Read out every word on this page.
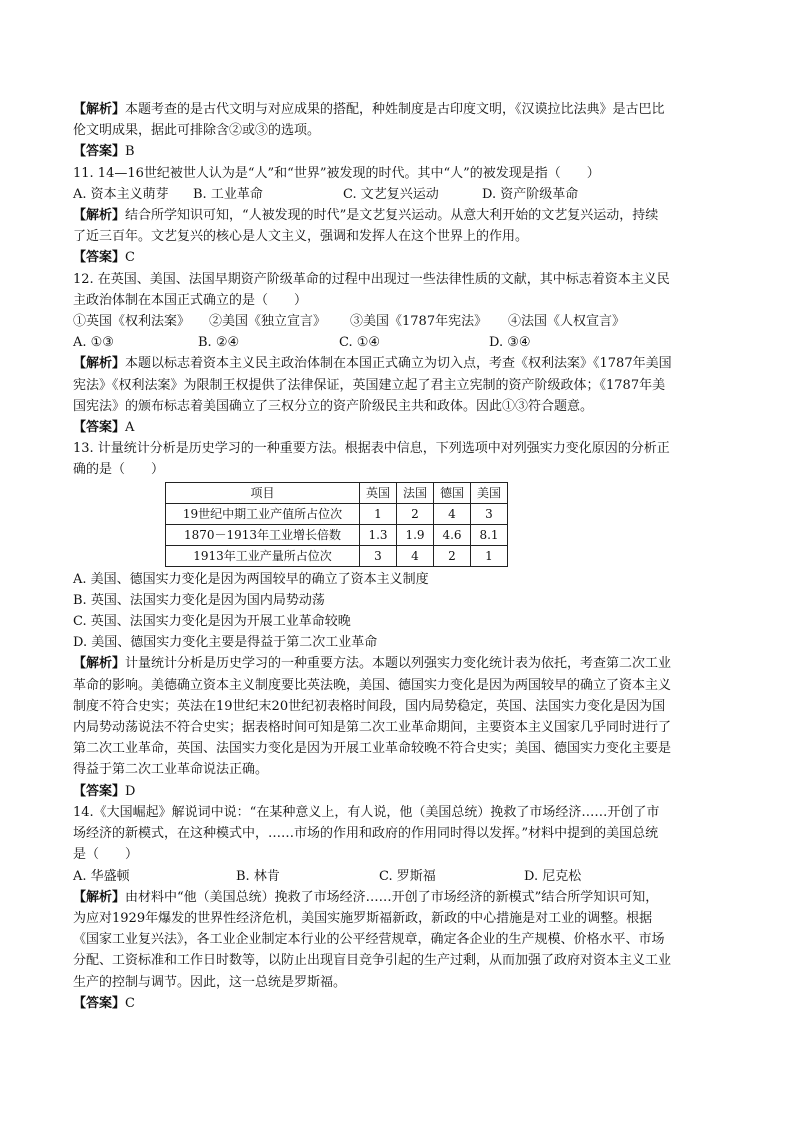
【解析】本题考查的是古代文明与对应成果的搭配，种姓制度是古印度文明，《汉谟拉比法典》是古巴比

伦文明成果，据此可排除含②或③的选项。

【答案】B

11. 14—16世纪被世人认为是“人”和“世界”被发现的时代。其中“人”的被发现是指（　　）

A. 资本主义萌芽	B. 工业革命	C. 文艺复兴运动	D. 资产阶级革命

【解析】结合所学知识可知，“人被发现的时代”是文艺复兴运动。从意大利开始的文艺复兴运动，持续

了近三百年。文艺复兴的核心是人文主义，强调和发挥人在这个世界上的作用。

【答案】C

12. 在英国、美国、法国早期资产阶级革命的过程中出现过一些法律性质的文献，其中标志着资本主义民

主政治体制在本国正式确立的是（　　）

①英国《权利法案》	②美国《独立宣言》	③美国《1787年宪法》	④法国《人权宣言》
A. ①③	B. ②④	C. ①④	D. ③④

【解析】本题以标志着资本主义民主政治体制在本国正式确立为切入点，考查《权利法案》《1787年美国

宪法》《权利法案》为限制王权提供了法律保证，英国建立起了君主立宪制的资产阶级政体；《1787年美

国宪法》的颁布标志着美国确立了三权分立的资产阶级民主共和政体。因此①③符合题意。

【答案】A

13. 计量统计分析是历史学习的一种重要方法。根据表中信息，下列选项中对列强实力变化原因的分析正

确的是（　　）

项目	英国	法国	德国	美国
19世纪中期工业产值所占位次	1	2	4	3
1870－1913年工业增长倍数	1.3	1.9	4.6	8.1
1913年工业产量所占位次	3	4	2	1

A. 美国、德国实力变化是因为两国较早的确立了资本主义制度

B. 英国、法国实力变化是因为国内局势动荡

C. 英国、法国实力变化是因为开展工业革命较晚

D. 美国、德国实力变化主要是得益于第二次工业革命

【解析】计量统计分析是历史学习的一种重要方法。本题以列强实力变化统计表为依托，考查第二次工业

革命的影响。美德确立资本主义制度要比英法晚，美国、德国实力变化是因为两国较早的确立了资本主义

制度不符合史实；英法在19世纪末20世纪初表格时间段，国内局势稳定，英国、法国实力变化是因为国

内局势动荡说法不符合史实；据表格时间可知是第二次工业革命期间，主要资本主义国家几乎同时进行了

第二次工业革命，英国、法国实力变化是因为开展工业革命较晚不符合史实；美国、德国实力变化主要是

得益于第二次工业革命说法正确。

【答案】D

14.《大国崛起》解说词中说：“在某种意义上，有人说，他（美国总统）挽救了市场经济……开创了市

场经济的新模式，在这种模式中，……市场的作用和政府的作用同时得以发挥。”材料中提到的美国总统

是（　　）

A. 华盛顿	B. 林肯	C. 罗斯福	D. 尼克松

【解析】由材料中“他（美国总统）挽救了市场经济……开创了市场经济的新模式”结合所学知识可知，

为应对1929年爆发的世界性经济危机，美国实施罗斯福新政，新政的中心措施是对工业的调整。根据

《国家工业复兴法》，各工业企业制定本行业的公平经营规章，确定各企业的生产规模、价格水平、市场

分配、工资标准和工作日时数等，以防止出现盲目竞争引起的生产过剩，从而加强了政府对资本主义工业

生产的控制与调节。因此，这一总统是罗斯福。

【答案】C
